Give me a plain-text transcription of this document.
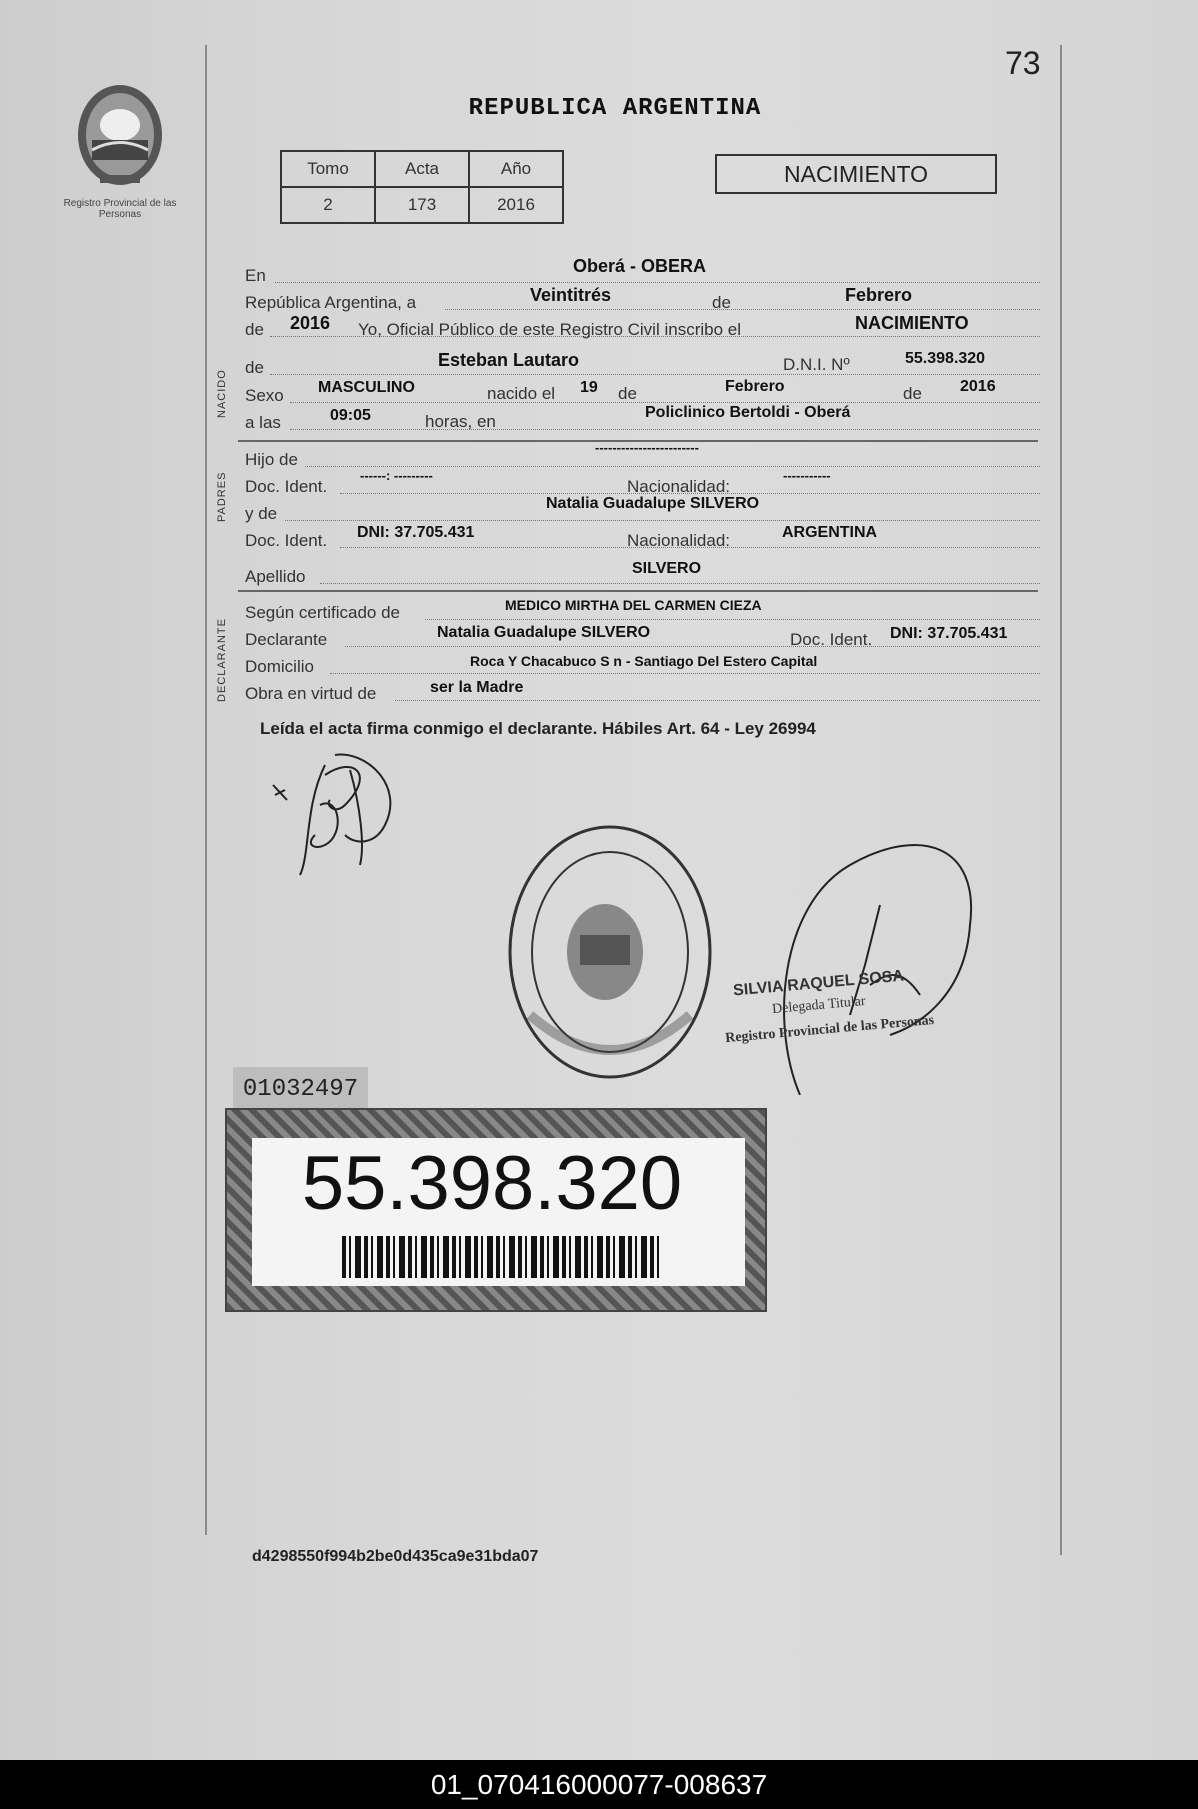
73
Registro Provincial de las Personas
REPUBLICA ARGENTINA
Tomo	Acta	Año
2	173	2016
NACIMIENTO
NACIDO
PADRES
DECLARANTE
En	Oberá - OBERA
República Argentina, a	Veintitrés	de	Febrero
de 2016 Yo, Oficial Público de este Registro Civil inscribo el	NACIMIENTO
de	Esteban Lautaro	D.N.I. Nº	55.398.320
Sexo MASCULINO	nacido el 19 de	Febrero	de 2016
a las	09:05	horas, en	Policlinico Bertoldi - Oberá
Hijo de
------------------------
Doc. Ident.
------: ---------
Nacionalidad:
-----------
y de
Natalia Guadalupe SILVERO
Doc. Ident. DNI: 37.705.431	Nacionalidad:	ARGENTINA
Apellido	SILVERO
Según certificado de	MEDICO MIRTHA DEL CARMEN CIEZA
Declarante	Natalia Guadalupe SILVERO	Doc. Ident. DNI: 37.705.431
Domicilio	Roca Y Chacabuco S n - Santiago Del Estero Capital
Obra en virtud de	ser la Madre
Leída el acta firma conmigo el declarante. Hábiles Art. 64 - Ley 26994
SILVIA RAQUEL SOSA
Delegada Titular
Registro Provincial de las Personas
01032497
55.398.320
d4298550f994b2be0d435ca9e31bda07
01_070416000077-008637
